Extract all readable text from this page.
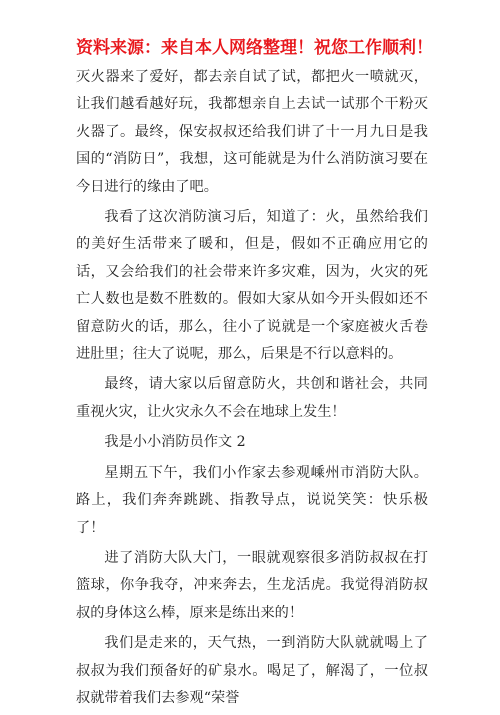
资料来源：来自本人网络整理！祝您工作顺利！

灭火器来了爱好，都去亲自试了试，都把火一喷就灭，让我们越看越好玩，我都想亲自上去试一试那个干粉灭火器了。最终，保安叔叔还给我们讲了十一月九日是我国的“消防日”，我想，这可能就是为什么消防演习要在今日进行的缘由了吧。

我看了这次消防演习后，知道了：火，虽然给我们的美好生活带来了暖和，但是，假如不正确应用它的话，又会给我们的社会带来许多灾难，因为，火灾的死亡人数也是数不胜数的。假如大家从如今开头假如还不留意防火的话，那么，往小了说就是一个家庭被火舌卷进肚里；往大了说呢，那么，后果是不行以意料的。

最终，请大家以后留意防火，共创和谐社会，共同重视火灾，让火灾永久不会在地球上发生！

我是小小消防员作文 2

星期五下午，我们小作家去参观嵊州市消防大队。路上，我们奔奔跳跳、指教导点，说说笑笑：快乐极了！

进了消防大队大门，一眼就观察很多消防叔叔在打篮球，你争我夺，冲来奔去，生龙活虎。我觉得消防叔叔的身体这么棒，原来是练出来的！

我们是走来的，天气热，一到消防大队就就喝上了叔叔为我们预备好的矿泉水。喝足了，解渴了，一位叔叔就带着我们去参观“荣誉
